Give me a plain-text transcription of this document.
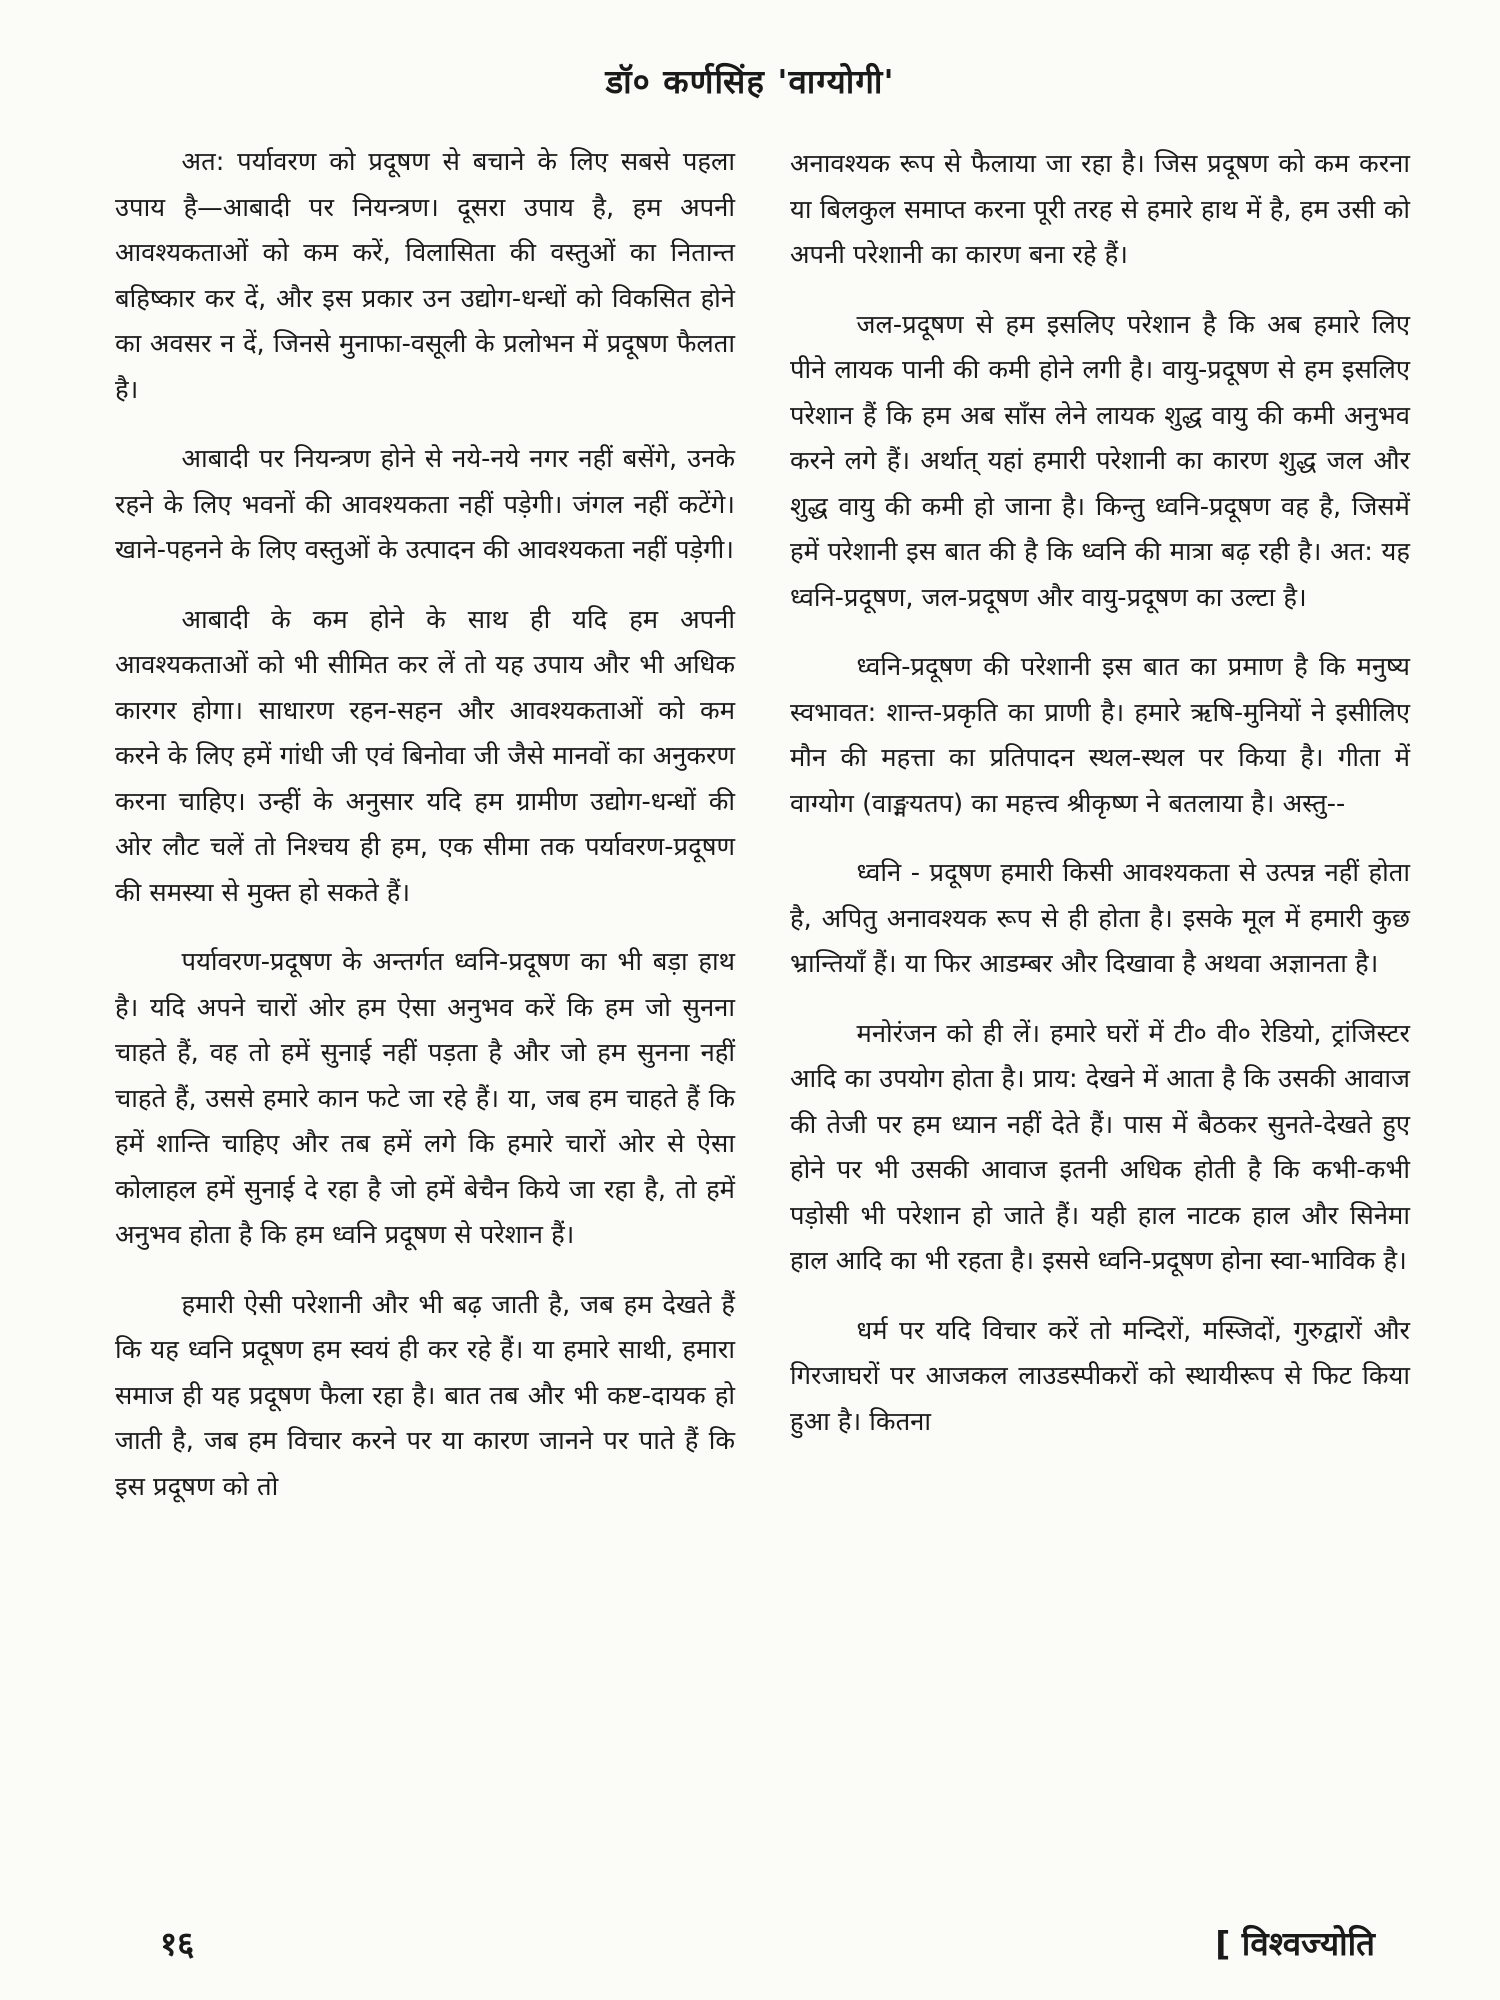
डॉ० कर्णसिंह 'वाग्योगी'

अत: पर्यावरण को प्रदूषण से बचाने के लिए सबसे पहला उपाय है—आबादी पर नियन्त्रण। दूसरा उपाय है, हम अपनी आवश्यकताओं को कम करें, विलासिता की वस्तुओं का नितान्त बहिष्कार कर दें, और इस प्रकार उन उद्योग-धन्धों को विकसित होने का अवसर न दें, जिनसे मुनाफा-वसूली के प्रलोभन में प्रदूषण फैलता है।

आबादी पर नियन्त्रण होने से नये-नये नगर नहीं बसेंगे, उनके रहने के लिए भवनों की आवश्यकता नहीं पड़ेगी। जंगल नहीं कटेंगे। खाने-पहनने के लिए वस्तुओं के उत्पादन की आवश्यकता नहीं पड़ेगी।

आबादी के कम होने के साथ ही यदि हम अपनी आवश्यकताओं को भी सीमित कर लें तो यह उपाय और भी अधिक कारगर होगा। साधारण रहन-सहन और आवश्यकताओं को कम करने के लिए हमें गांधी जी एवं बिनोवा जी जैसे मानवों का अनुकरण करना चाहिए। उन्हीं के अनुसार यदि हम ग्रामीण उद्योग-धन्धों की ओर लौट चलें तो निश्चय ही हम, एक सीमा तक पर्यावरण-प्रदूषण की समस्या से मुक्त हो सकते हैं।

पर्यावरण-प्रदूषण के अन्तर्गत ध्वनि-प्रदूषण का भी बड़ा हाथ है। यदि अपने चारों ओर हम ऐसा अनुभव करें कि हम जो सुनना चाहते हैं, वह तो हमें सुनाई नहीं पड़ता है और जो हम सुनना नहीं चाहते हैं, उससे हमारे कान फटे जा रहे हैं। या, जब हम चाहते हैं कि हमें शान्ति चाहिए और तब हमें लगे कि हमारे चारों ओर से ऐसा कोलाहल हमें सुनाई दे रहा है जो हमें बेचैन किये जा रहा है, तो हमें अनुभव होता है कि हम ध्वनि प्रदूषण से परेशान हैं।

हमारी ऐसी परेशानी और भी बढ़ जाती है, जब हम देखते हैं कि यह ध्वनि प्रदूषण हम स्वयं ही कर रहे हैं। या हमारे साथी, हमारा समाज ही यह प्रदूषण फैला रहा है। बात तब और भी कष्ट-दायक हो जाती है, जब हम विचार करने पर या कारण जानने पर पाते हैं कि इस प्रदूषण को तो

अनावश्यक रूप से फैलाया जा रहा है। जिस प्रदूषण को कम करना या बिलकुल समाप्त करना पूरी तरह से हमारे हाथ में है, हम उसी को अपनी परेशानी का कारण बना रहे हैं।

जल-प्रदूषण से हम इसलिए परेशान है कि अब हमारे लिए पीने लायक पानी की कमी होने लगी है। वायु-प्रदूषण से हम इसलिए परेशान हैं कि हम अब साँस लेने लायक शुद्ध वायु की कमी अनुभव करने लगे हैं। अर्थात् यहां हमारी परेशानी का कारण शुद्ध जल और शुद्ध वायु की कमी हो जाना है। किन्तु ध्वनि-प्रदूषण वह है, जिसमें हमें परेशानी इस बात की है कि ध्वनि की मात्रा बढ़ रही है। अत: यह ध्वनि-प्रदूषण, जल-प्रदूषण और वायु-प्रदूषण का उल्टा है।

ध्वनि-प्रदूषण की परेशानी इस बात का प्रमाण है कि मनुष्य स्वभावत: शान्त-प्रकृति का प्राणी है। हमारे ऋषि-मुनियों ने इसीलिए मौन की महत्ता का प्रतिपादन स्थल-स्थल पर किया है। गीता में वाग्योग (वाङ्मयतप) का महत्त्व श्रीकृष्ण ने बतलाया है। अस्तु--

ध्वनि - प्रदूषण हमारी किसी आवश्यकता से उत्पन्न नहीं होता है, अपितु अनावश्यक रूप से ही होता है। इसके मूल में हमारी कुछ भ्रान्तियाँ हैं। या फिर आडम्बर और दिखावा है अथवा अज्ञानता है।

मनोरंजन को ही लें। हमारे घरों में टी० वी० रेडियो, ट्रांजिस्टर आदि का उपयोग होता है। प्राय: देखने में आता है कि उसकी आवाज की तेजी पर हम ध्यान नहीं देते हैं। पास में बैठकर सुनते-देखते हुए होने पर भी उसकी आवाज इतनी अधिक होती है कि कभी-कभी पड़ोसी भी परेशान हो जाते हैं। यही हाल नाटक हाल और सिनेमा हाल आदि का भी रहता है। इससे ध्वनि-प्रदूषण होना स्वा-भाविक है।

धर्म पर यदि विचार करें तो मन्दिरों, मस्जिदों, गुरुद्वारों और गिरजाघरों पर आजकल लाउडस्पीकरों को स्थायीरूप से फिट किया हुआ है। कितना

१६	[ विश्वज्योति
